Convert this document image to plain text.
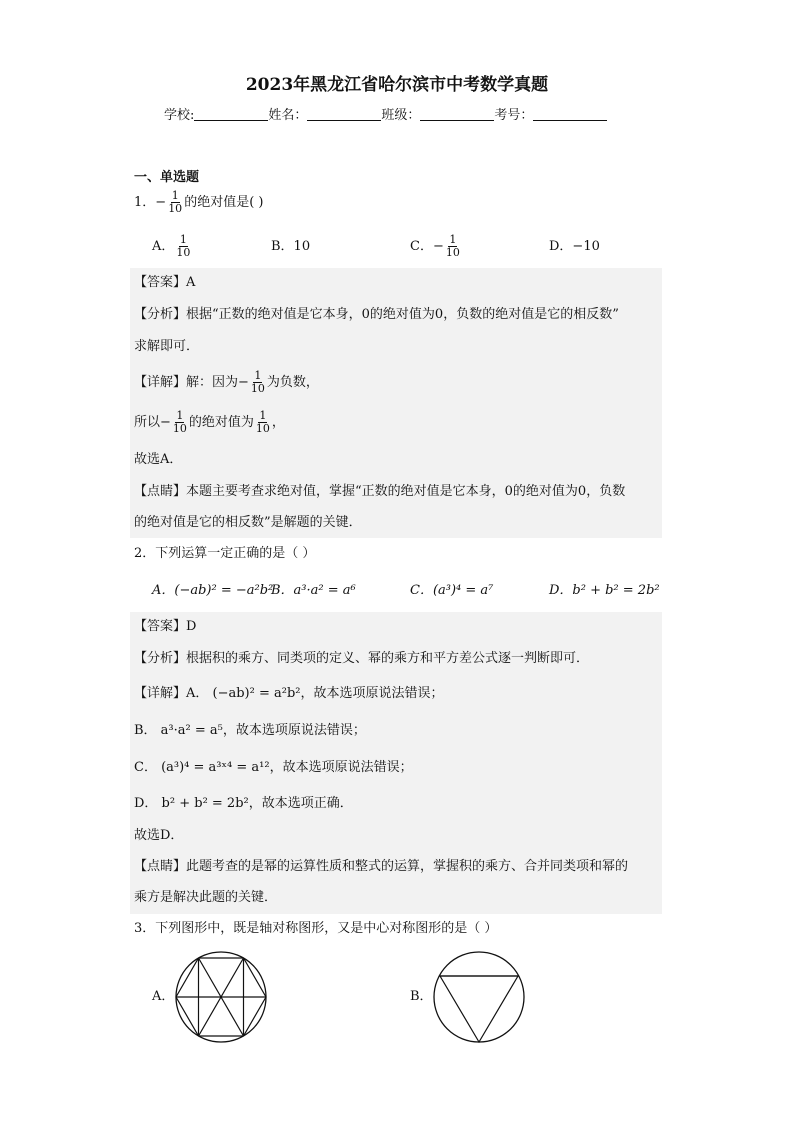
2023年黑龙江省哈尔滨市中考数学真题
学校:	姓名：	班级：	考号：
一、单选题
1．− $\frac{1}{10}$ 的绝对值是( )
A． $\frac{1}{10}$	B．10	C．− $\frac{1}{10}$	D．−10
【答案】A
【分析】根据“正数的绝对值是它本身，0的绝对值为0，负数的绝对值是它的相反数”
求解即可．
【详解】解：因为− $\frac{1}{10}$ 为负数，
所以− $\frac{1}{10}$ 的绝对值为 $\frac{1}{10}$ ，
故选A．
【点睛】本题主要考查求绝对值，掌握“正数的绝对值是它本身，0的绝对值为0，负数
的绝对值是它的相反数”是解题的关键．
2．下列运算一定正确的是（ ）
A．(−ab)² = −a²b²
B．a³·a² = a⁶	C．(a³)⁴ = a⁷	D．b² + b² = 2b²
【答案】D
【分析】根据积的乘方、同类项的定义、幂的乘方和平方差公式逐一判断即可．
【详解】A． (−ab)² = a²b²，故本选项原说法错误；
B． a³·a² = a⁵，故本选项原说法错误；
C． (a³)⁴ = a³ˣ⁴ = a¹²，故本选项原说法错误；
D． b² + b² = 2b²，故本选项正确．
故选D．
【点睛】此题考查的是幂的运算性质和整式的运算，掌握积的乘方、合并同类项和幂的
乘方是解决此题的关键．
3．下列图形中，既是轴对称图形，又是中心对称图形的是（ ）
A．	B．
